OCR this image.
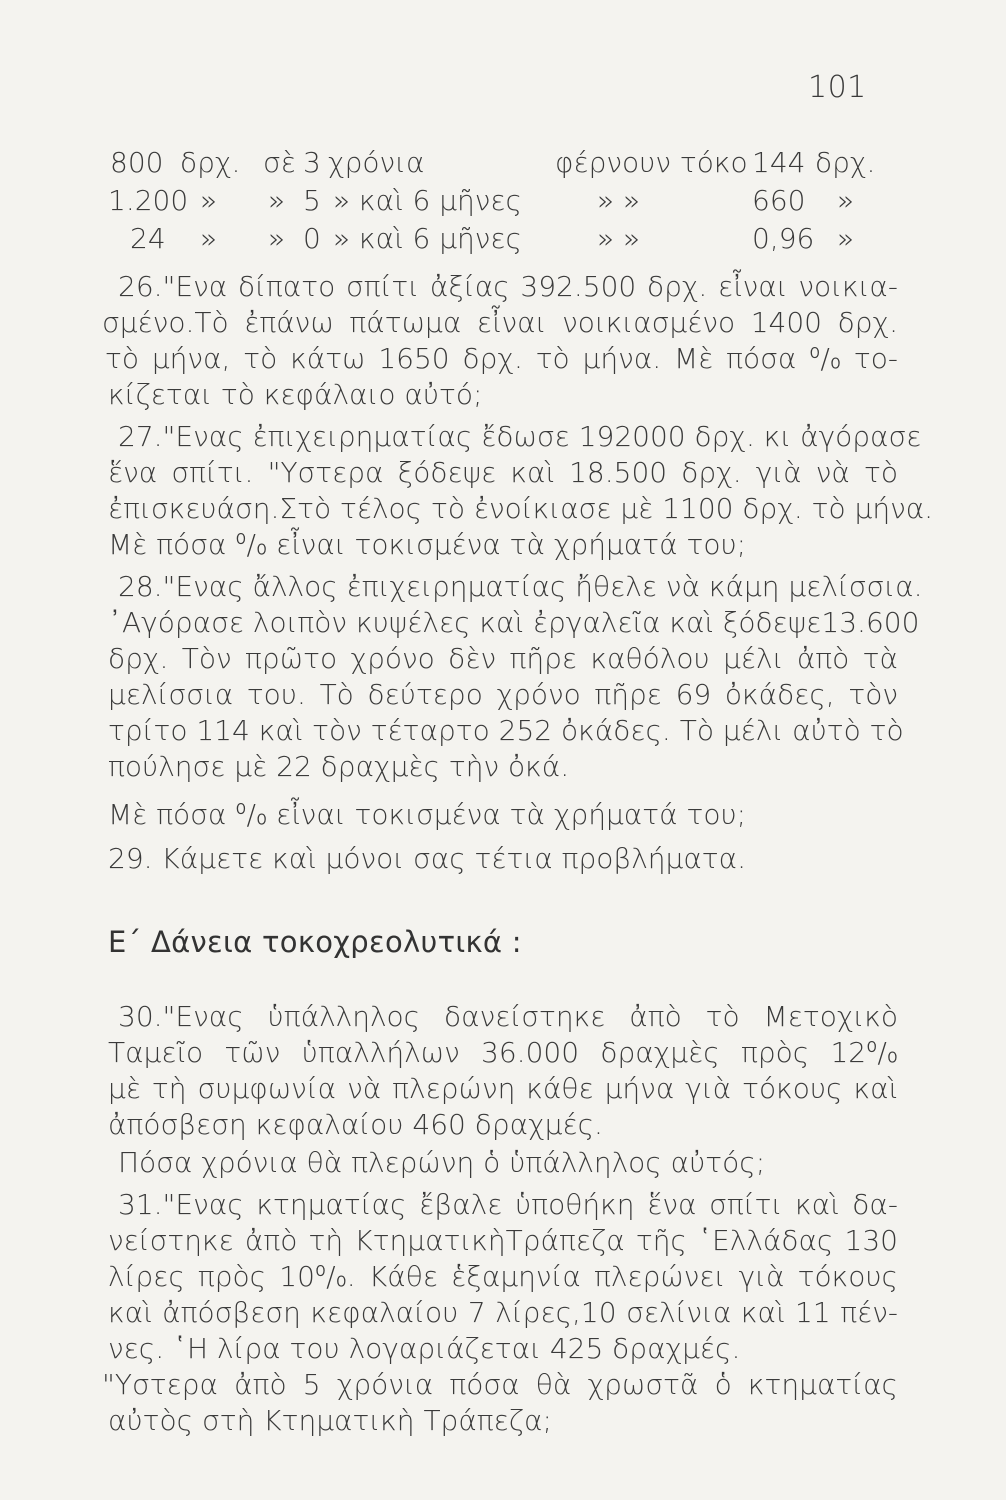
101
800 δρχ. σὲ 3 χρόνια	φέρνουν τόκο 144 δρχ.
1.200 » » 5 » καὶ 6 μῆνες	» »	660 »
24 » » 0 » καὶ 6 μῆνες	» »	0,96 »
26."Ενα δίπατο σπίτι ἀξίας 392.500 δρχ. εἶναι νοικια-
σμένο.Τὸ ἐπάνω πάτωμα εἶναι νοικιασμένο 1400 δρχ.
τὸ μήνα, τὸ κάτω 1650 δρχ. τὸ μήνα. Μὲ πόσα ⁰/₀ το-
κίζεται τὸ κεφάλαιο αὐτό;
27."Ενας ἐπιχειρηματίας ἔδωσε 192000 δρχ. κι ἀγόρασε
ἕνα σπίτι. "Υστερα ξόδεψε καὶ 18.500 δρχ. γιὰ νὰ τὸ
ἐπισκευάση.Στὸ τέλος τὸ ἐνοίκιασε μὲ 1100 δρχ. τὸ μήνα.
Μὲ πόσα ⁰/₀ εἶναι τοκισμένα τὰ χρήματά του;
28."Ενας ἄλλος ἐπιχειρηματίας ἤθελε νὰ κάμη μελίσσια.
᾿Αγόρασε λοιπὸν κυψέλες καὶ ἐργαλεῖα καὶ ξόδεψε13.600
δρχ. Τὸν πρῶτο χρόνο δὲν πῆρε καθόλου μέλι ἀπὸ τὰ
μελίσσια του. Τὸ δεύτερο χρόνο πῆρε 69 ὀκάδες, τὸν
τρίτο 114 καὶ τὸν τέταρτο 252 ὀκάδες. Τὸ μέλι αὐτὸ τὸ
πούλησε μὲ 22 δραχμὲς τὴν ὀκά.
Μὲ πόσα ⁰/₀ εἶναι τοκισμένα τὰ χρήματά του;
29. Κάμετε καὶ μόνοι σας τέτια προβλήματα.
Ε΄ Δάνεια τοκοχρεολυτικά :
30."Ενας ὑπάλληλος δανείστηκε ἀπὸ τὸ Μετοχικὸ
Ταμεῖο τῶν ὑπαλλήλων 36.000 δραχμὲς πρὸς 12⁰/₀
μὲ τὴ συμφωνία νὰ πλερώνη κάθε μήνα γιὰ τόκους καὶ
ἀπόσβεση κεφαλαίου 460 δραχμές.
Πόσα χρόνια θὰ πλερώνη ὁ ὑπάλληλος αὐτός;
31."Ενας κτηματίας ἔβαλε ὑποθήκη ἕνα σπίτι καὶ δα-
νείστηκε ἀπὸ τὴ ΚτηματικὴΤράπεζα τῆς ῾Ελλάδας 130
λίρες πρὸς 10⁰/₀. Κάθε ἑξαμηνία πλερώνει γιὰ τόκους
καὶ ἀπόσβεση κεφαλαίου 7 λίρες,10 σελίνια καὶ 11 πέν-
νες. ῾Η λίρα του λογαριάζεται 425 δραχμές.
"Υστερα ἀπὸ 5 χρόνια πόσα θὰ χρωστᾶ ὁ κτηματίας
αὐτὸς στὴ Κτηματικὴ Τράπεζα;
